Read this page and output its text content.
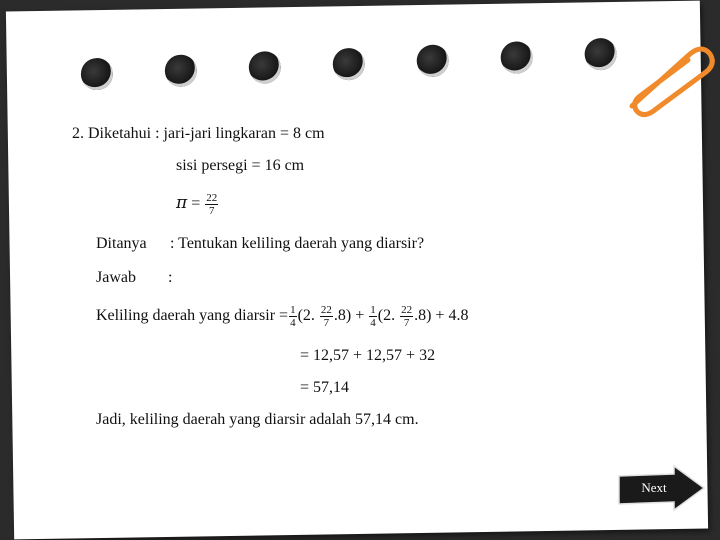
2. Diketahui : jari-jari lingkaran = 8 cm
sisi persegi = 16 cm
$\pi = \frac{22}{7}$
Ditanya : Tentukan keliling daerah yang diarsir?
Jawab :
Keliling daerah yang diarsir = $\frac{1}{4} (2$. $\frac{22}{7} .8) + \frac{1}{4} (2$. $\frac{22}{7} .8) + 4.8$
= 12,57 + 12,57 + 32
= 57,14
Jadi, keliling daerah yang diarsir adalah 57,14 cm.
Next
